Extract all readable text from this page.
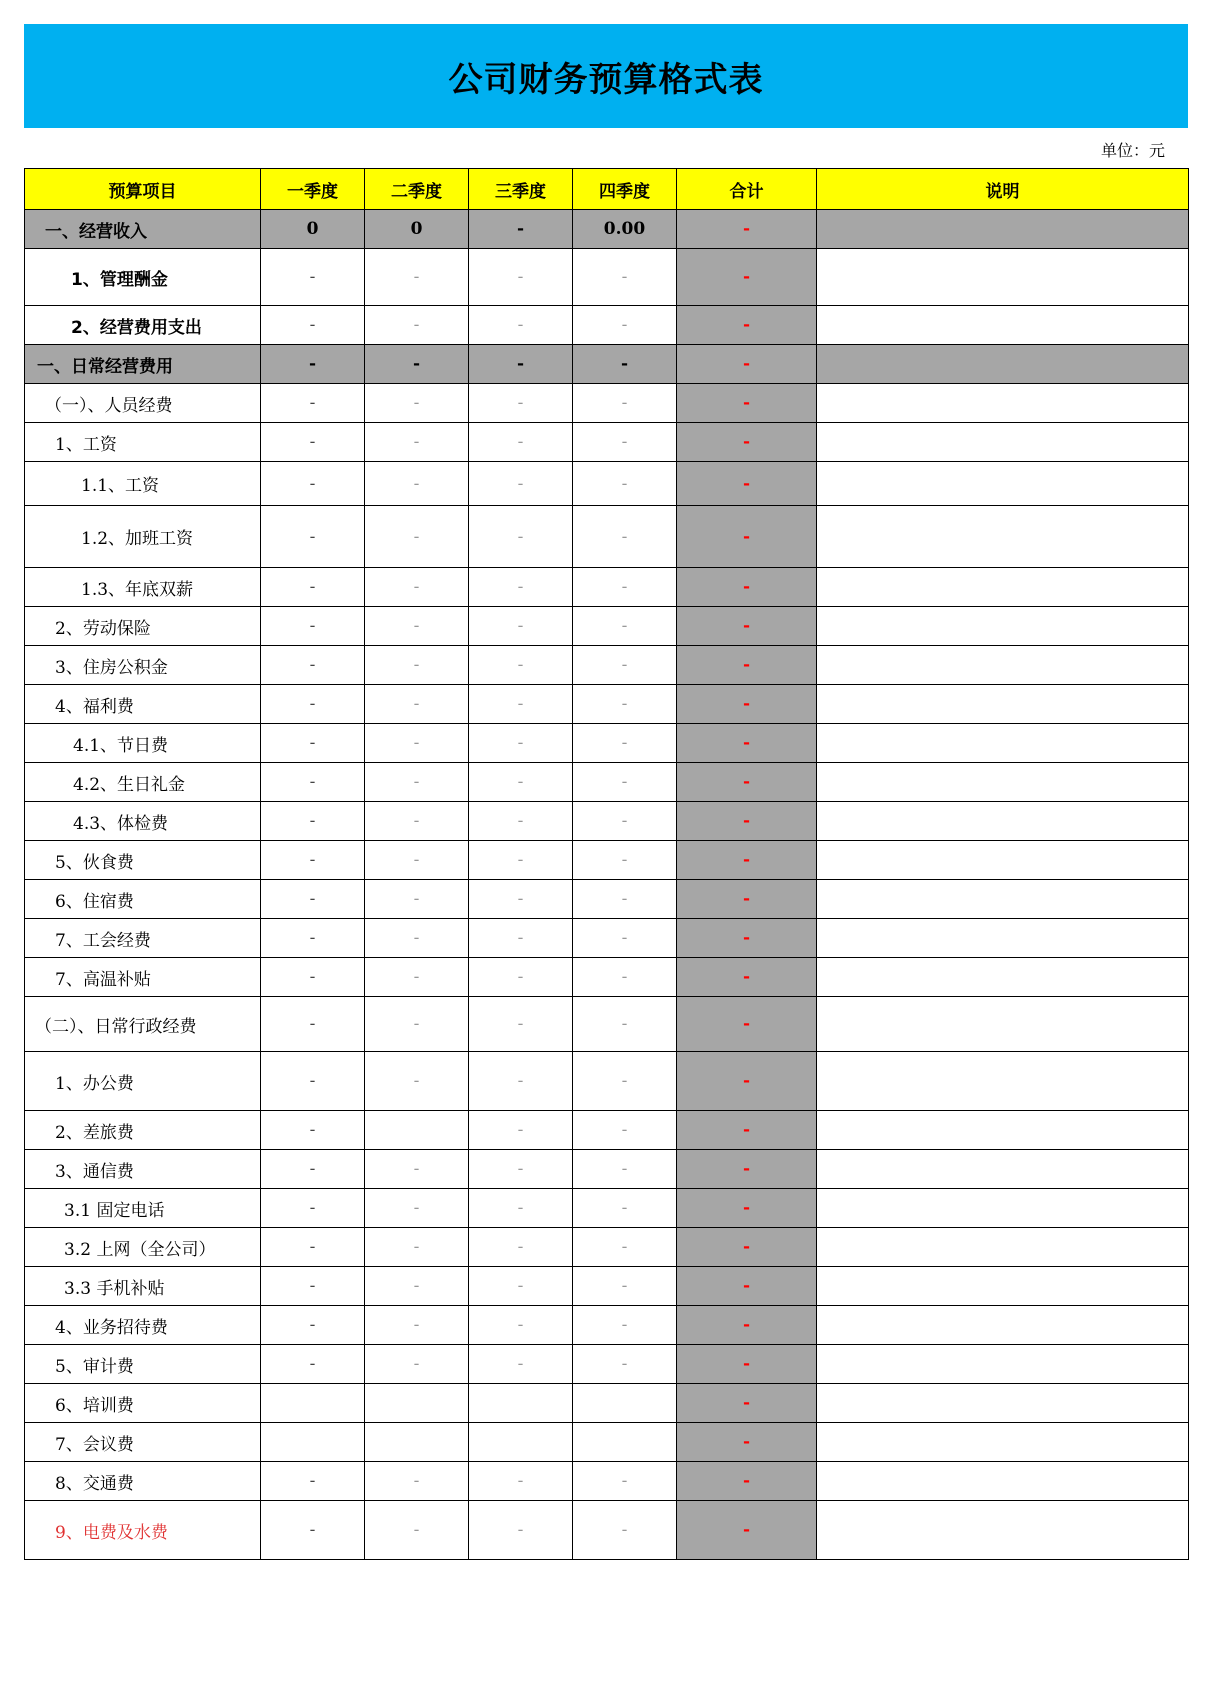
公司财务预算格式表
单位：元
预算项目	一季度	二季度	三季度	四季度	合计	说明
一、经营收入	0	0	-	0.00	-	
1、管理酬金	-	-	-	-	-	
2、经营费用支出	-	-	-	-	-	
一、日常经营费用	-	-	-	-	-	
（一）、人员经费	-	-	-	-	-	
1、工资	-	-	-	-	-	
1.1、工资	-	-	-	-	-	
1.2、加班工资	-	-	-	-	-	
1.3、年底双薪	-	-	-	-	-	
2、劳动保险	-	-	-	-	-	
3、住房公积金	-	-	-	-	-	
4、福利费	-	-	-	-	-	
4.1、节日费	-	-	-	-	-	
4.2、生日礼金	-	-	-	-	-	
4.3、体检费	-	-	-	-	-	
5、伙食费	-	-	-	-	-	
6、住宿费	-	-	-	-	-	
7、工会经费	-	-	-	-	-	
7、高温补贴	-	-	-	-	-	
（二）、日常行政经费	-	-	-	-	-	
1、办公费	-	-	-	-	-	
2、差旅费	-		-	-	-	
3、通信费	-	-	-	-	-	
3.1 固定电话	-	-	-	-	-	
3.2 上网（全公司）	-	-	-	-	-	
3.3 手机补贴	-	-	-	-	-	
4、业务招待费	-	-	-	-	-	
5、审计费	-	-	-	-	-	
6、培训费					-	
7、会议费					-	
8、交通费	-	-	-	-	-	
9、电费及水费	-	-	-	-	-	
